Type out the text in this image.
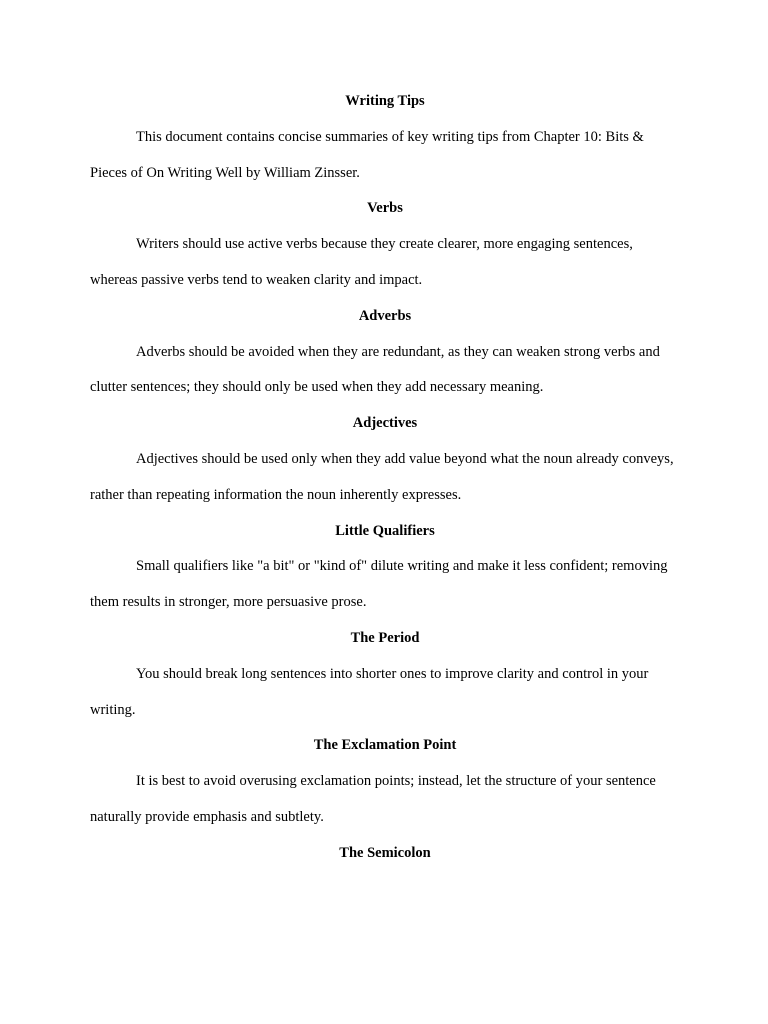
Writing Tips

This document contains concise summaries of key writing tips from Chapter 10: Bits & Pieces of On Writing Well by William Zinsser.

Verbs

Writers should use active verbs because they create clearer, more engaging sentences, whereas passive verbs tend to weaken clarity and impact.

Adverbs

Adverbs should be avoided when they are redundant, as they can weaken strong verbs and clutter sentences; they should only be used when they add necessary meaning.

Adjectives

Adjectives should be used only when they add value beyond what the noun already conveys, rather than repeating information the noun inherently expresses.

Little Qualifiers

Small qualifiers like "a bit" or "kind of" dilute writing and make it less confident; removing them results in stronger, more persuasive prose.

The Period

You should break long sentences into shorter ones to improve clarity and control in your writing.

The Exclamation Point

It is best to avoid overusing exclamation points; instead, let the structure of your sentence naturally provide emphasis and subtlety.

The Semicolon
